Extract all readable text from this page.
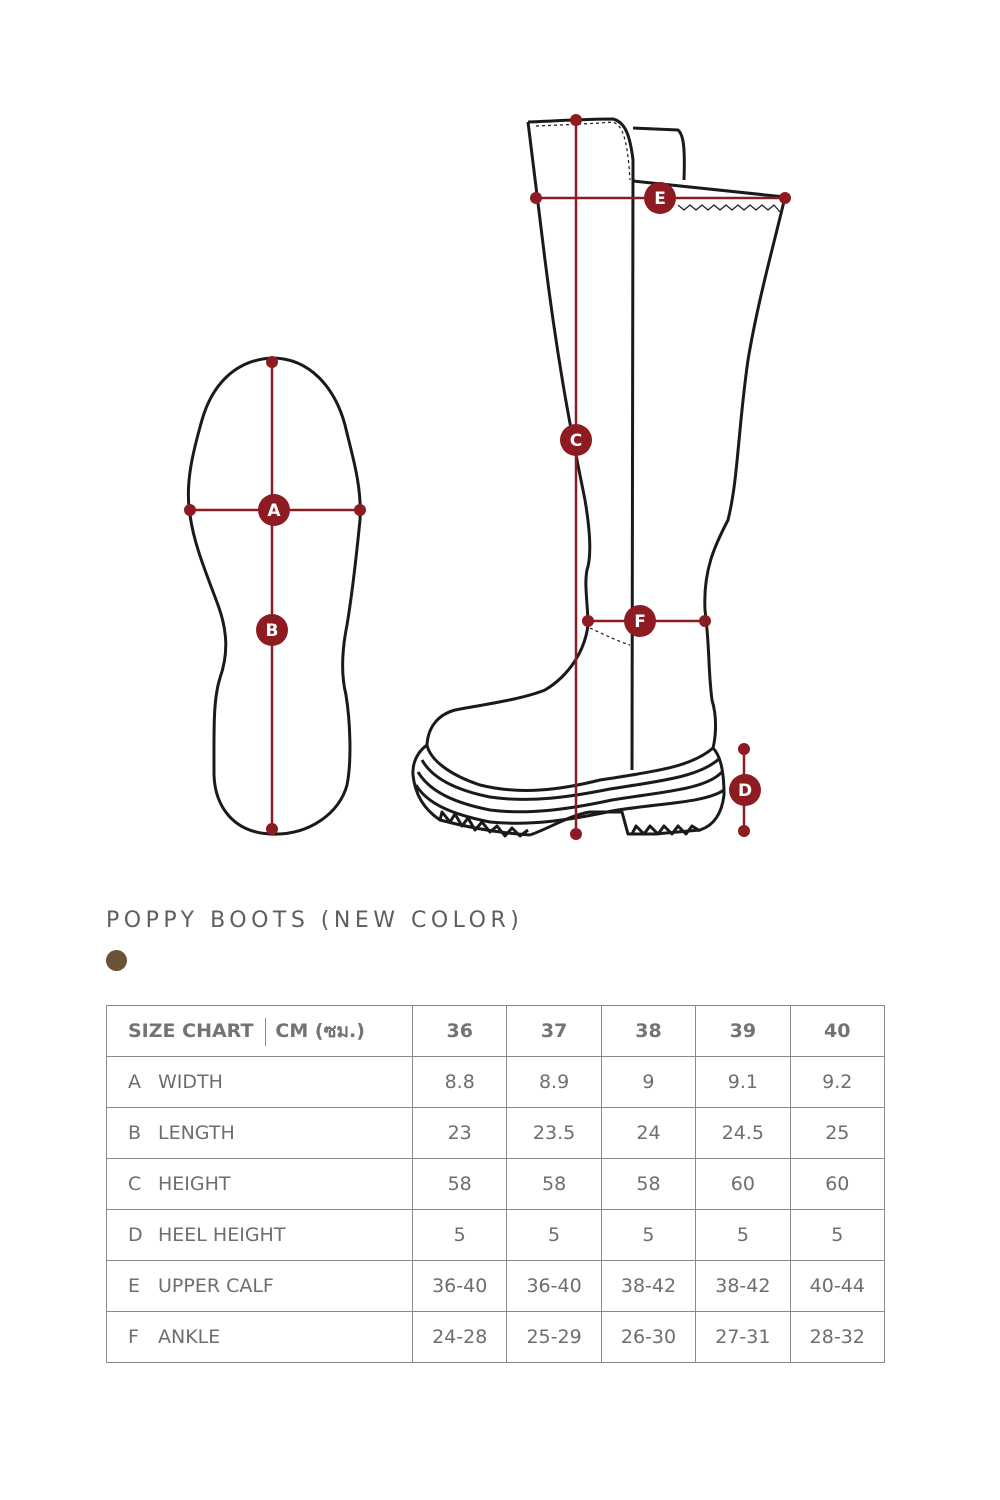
A
B
C
D
E
F
POPPY BOOTS (NEW COLOR)
SIZE CHART CM (ซม.)	36	37	38	39	40
A WIDTH	8.8	8.9	9	9.1	9.2
B LENGTH	23	23.5	24	24.5	25
C HEIGHT	58	58	58	60	60
D HEEL HEIGHT	5	5	5	5	5
E UPPER CALF	36-40	36-40	38-42	38-42	40-44
F ANKLE	24-28	25-29	26-30	27-31	28-32
